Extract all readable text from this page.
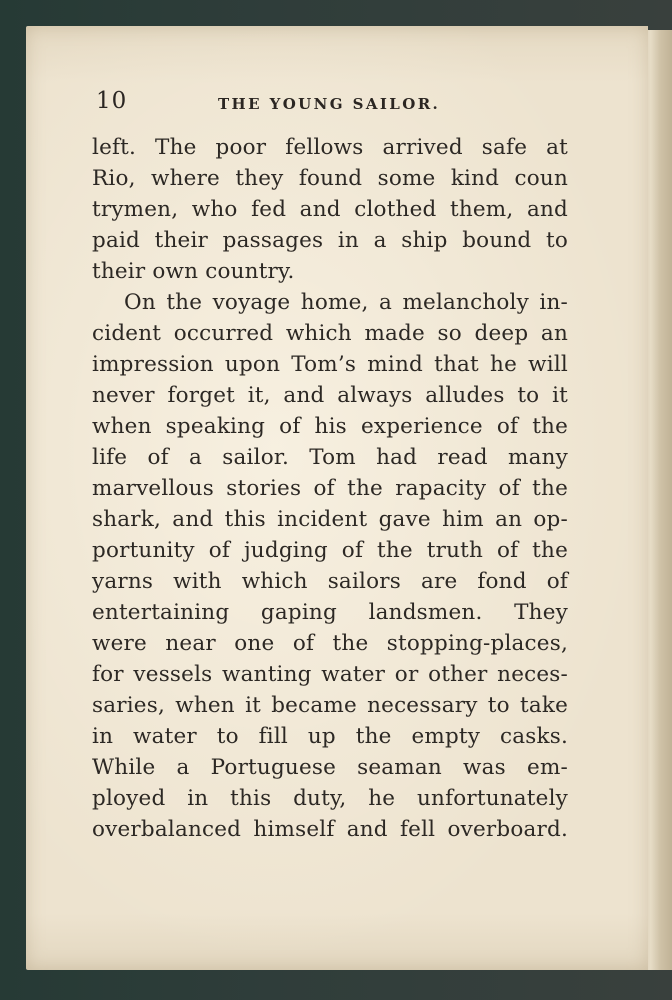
10	THE YOUNG SAILOR.
left. The poor fellows arrived safe at
Rio, where they found some kind coun
trymen, who fed and clothed them, and
paid their passages in a ship bound to
their own country.
On the voyage home, a melancholy in-
cident occurred which made so deep an
impression upon Tom’s mind that he will
never forget it, and always alludes to it
when speaking of his experience of the
life of a sailor. Tom had read many
marvellous stories of the rapacity of the
shark, and this incident gave him an op-
portunity of judging of the truth of the
yarns with which sailors are fond of
entertaining gaping landsmen. They
were near one of the stopping-places,
for vessels wanting water or other neces-
saries, when it became necessary to take
in water to fill up the empty casks.
While a Portuguese seaman was em-
ployed in this duty, he unfortunately
overbalanced himself and fell overboard.
